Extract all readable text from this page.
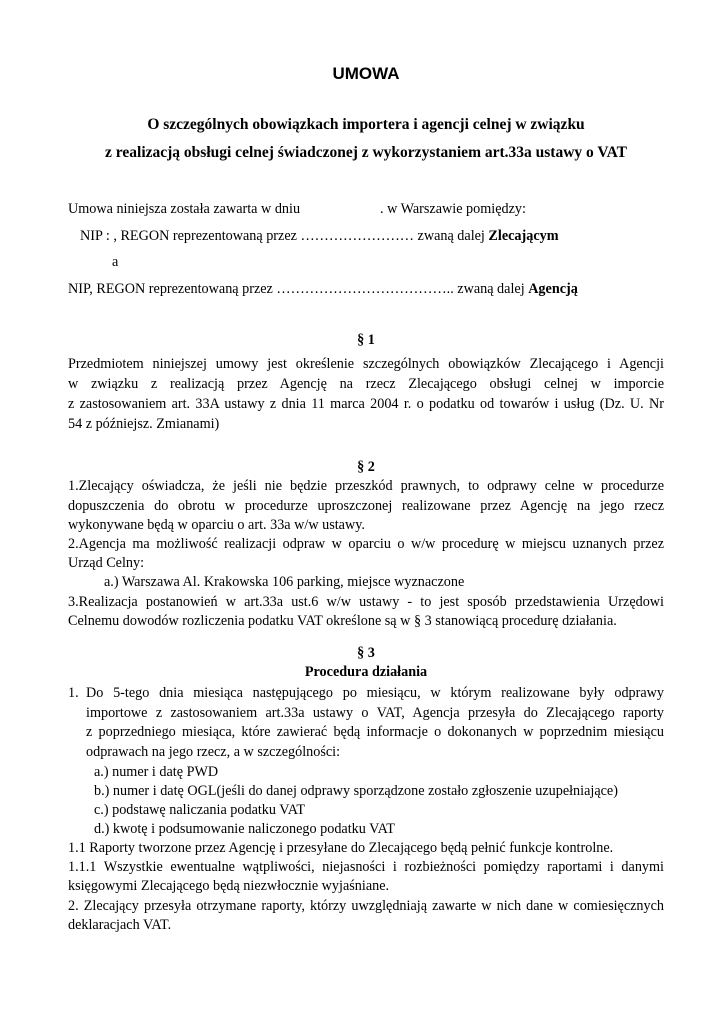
UMOWA
O szczególnych obowiązkach importera i agencji celnej w związku
z realizacją obsługi celnej świadczonej z wykorzystaniem art.33a ustawy o VAT
Umowa niniejsza została zawarta w dniu	. w Warszawie pomiędzy:
NIP : , REGON reprezentowaną przez …………………… zwaną dalej Zlecającym
a
NIP, REGON reprezentowaną przez ……………………………….. zwaną dalej Agencją
§ 1
Przedmiotem niniejszej umowy jest określenie szczególnych obowiązków Zlecającego i Agencji
w związku z realizacją przez Agencję na rzecz Zlecającego obsługi celnej w imporcie
z zastosowaniem art. 33A ustawy z dnia 11 marca 2004 r. o podatku od towarów i usług (Dz. U. Nr
54 z późniejsz. Zmianami)
§ 2
1.Zlecający oświadcza, że jeśli nie będzie przeszkód prawnych, to odprawy celne w procedurze
dopuszczenia do obrotu w procedurze uproszczonej realizowane przez Agencję na jego rzecz
wykonywane będą w oparciu o art. 33a w/w ustawy.
2.Agencja ma możliwość realizacji odpraw w oparciu o w/w procedurę w miejscu uznanych przez
Urząd Celny:
a.) Warszawa Al. Krakowska 106 parking, miejsce wyznaczone
3.Realizacja postanowień w art.33a ust.6 w/w ustawy - to jest sposób przedstawienia Urzędowi
Celnemu dowodów rozliczenia podatku VAT określone są w § 3 stanowiącą procedurę działania.
§ 3
Procedura działania
1. Do 5-tego dnia miesiąca następującego po miesiącu, w którym realizowane były odprawy
importowe z zastosowaniem art.33a ustawy o VAT, Agencja przesyła do Zlecającego raporty
z poprzedniego miesiąca, które zawierać będą informacje o dokonanych w poprzednim miesiącu
odprawach na jego rzecz, a w szczególności:
a.) numer i datę PWD
b.) numer i datę OGL(jeśli do danej odprawy sporządzone zostało zgłoszenie uzupełniające)
c.) podstawę naliczania podatku VAT
d.) kwotę i podsumowanie naliczonego podatku VAT
1.1 Raporty tworzone przez Agencję i przesyłane do Zlecającego będą pełnić funkcje kontrolne.
1.1.1 Wszystkie ewentualne wątpliwości, niejasności i rozbieżności pomiędzy raportami i danymi
księgowymi Zlecającego będą niezwłocznie wyjaśniane.
2. Zlecający przesyła otrzymane raporty, którzy uwzględniają zawarte w nich dane w comiesięcznych
deklaracjach VAT.
